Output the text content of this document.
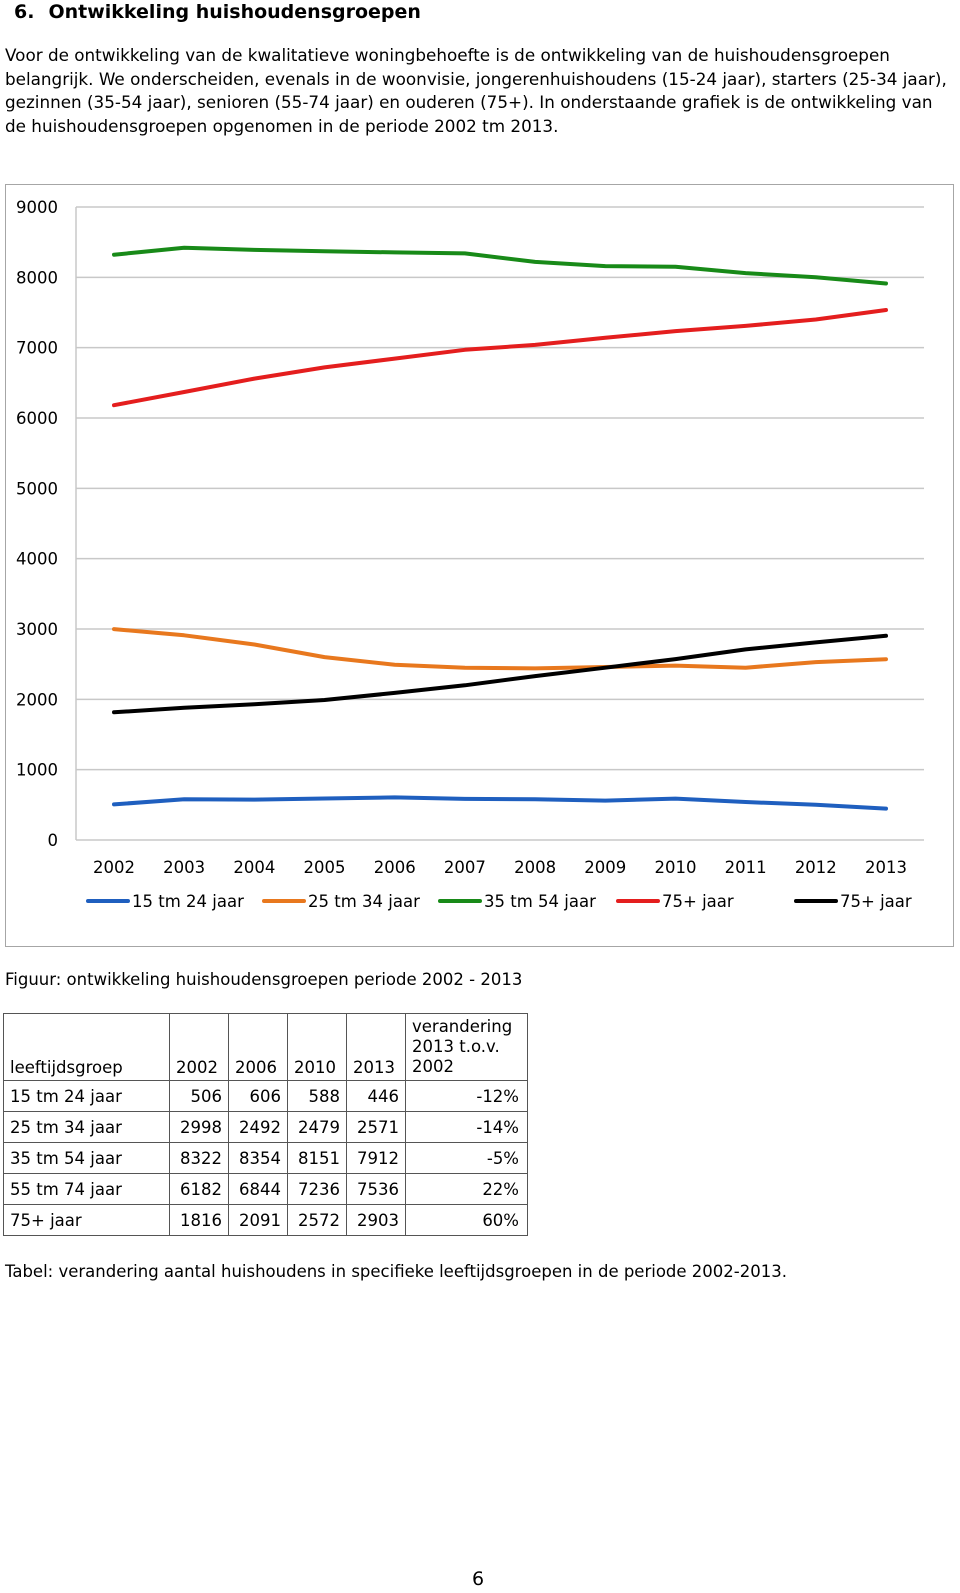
6. Ontwikkeling huishoudensgroepen

Voor de ontwikkeling van de kwalitatieve woningbehoefte is de ontwikkeling van de huishoudensgroepen belangrijk. We onderscheiden, evenals in de woonvisie, jongerenhuishoudens (15-24 jaar), starters (25-34 jaar), gezinnen (35-54 jaar), senioren (55-74 jaar) en ouderen (75+). In onderstaande grafiek is de ontwikkeling van de huishoudensgroepen opgenomen in de periode 2002 tm 2013.

0
1000
2000
3000
4000
5000
6000
7000
8000
9000
2002 2003 2004 2005 2006 2007 2008 2009 2010 2011 2012 2013
15 tm 24 jaar	25 tm 34 jaar	35 tm 54 jaar	75+ jaar	75+ jaar

Figuur: ontwikkeling huishoudensgroepen periode 2002 - 2013

leeftijdsgroep	2002	2006	2010	2013	verandering 2013 t.o.v. 2002
15 tm 24 jaar	506	606	588	446	-12%
25 tm 34 jaar	2998	2492	2479	2571	-14%
35 tm 54 jaar	8322	8354	8151	7912	-5%
55 tm 74 jaar	6182	6844	7236	7536	22%
75+ jaar	1816	2091	2572	2903	60%

Tabel: verandering aantal huishoudens in specifieke leeftijdsgroepen in de periode 2002-2013.

6
